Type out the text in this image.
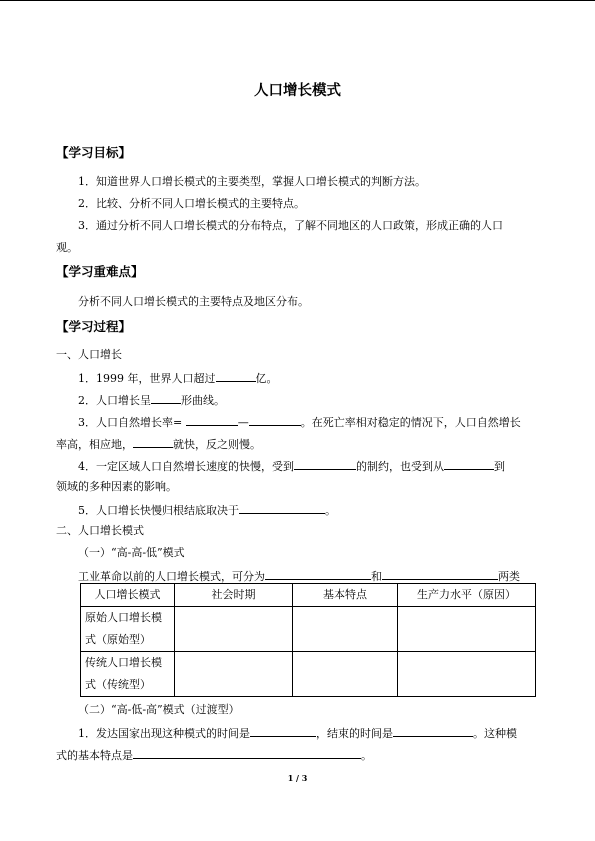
人口增长模式
【学习目标】
1．知道世界人口增长模式的主要类型，掌握人口增长模式的判断方法。
2．比较、分析不同人口增长模式的主要特点。
3．通过分析不同人口增长模式的分布特点，了解不同地区的人口政策，形成正确的人口
观。
【学习重难点】
分析不同人口增长模式的主要特点及地区分布。
【学习过程】
一、人口增长
1．1999 年，世界人口超过	亿。
2．人口增长呈	形曲线。
3．人口自然增长率=	—	。在死亡率相对稳定的情况下，人口自然增长
率高，相应地，	就快，反之则慢。
4．一定区域人口自然增长速度的快慢，受到	的制约，也受到从	到
领域的多种因素的影响。
5．人口增长快慢归根结底取决于	。
二、人口增长模式
（一）“高-高-低”模式
工业革命以前的人口增长模式，可分为	和	两类
人口增长模式	社会时期	基本特点	生产力水平（原因）
原始人口增长模式（原始型）			
传统人口增长模式（传统型）			
（二）“高-低-高”模式（过渡型）
1．发达国家出现这种模式的时间是	，结束的时间是	。这种模
式的基本特点是	。
1 / 3
